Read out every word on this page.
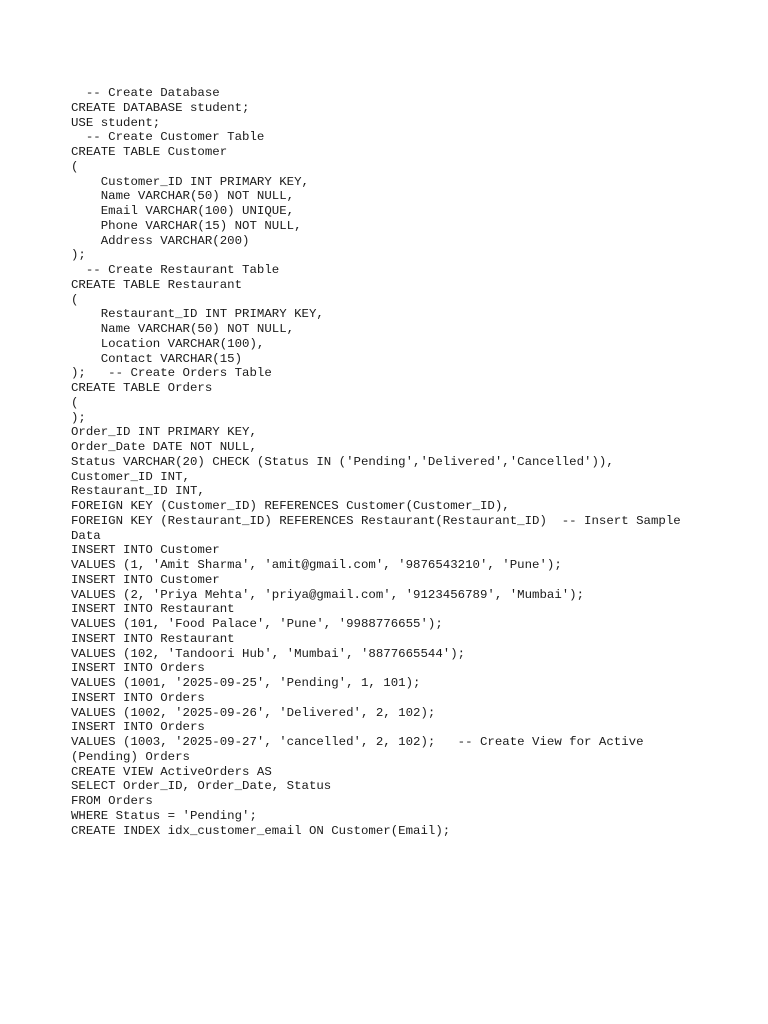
-- Create Database
CREATE DATABASE student;
USE student;
-- Create Customer Table
CREATE TABLE Customer
(
Customer_ID INT PRIMARY KEY,
Name VARCHAR(50) NOT NULL,
Email VARCHAR(100) UNIQUE,
Phone VARCHAR(15) NOT NULL,
Address VARCHAR(200)
);
-- Create Restaurant Table
CREATE TABLE Restaurant
(
Restaurant_ID INT PRIMARY KEY,
Name VARCHAR(50) NOT NULL,
Location VARCHAR(100),
Contact VARCHAR(15)
);   -- Create Orders Table
CREATE TABLE Orders
(
);
Order_ID INT PRIMARY KEY,
Order_Date DATE NOT NULL,
Status VARCHAR(20) CHECK (Status IN ('Pending','Delivered','Cancelled')),
Customer_ID INT,
Restaurant_ID INT,
FOREIGN KEY (Customer_ID) REFERENCES Customer(Customer_ID),
FOREIGN KEY (Restaurant_ID) REFERENCES Restaurant(Restaurant_ID)  -- Insert Sample
Data
INSERT INTO Customer
VALUES (1, 'Amit Sharma', 'amit@gmail.com', '9876543210', 'Pune');
INSERT INTO Customer
VALUES (2, 'Priya Mehta', 'priya@gmail.com', '9123456789', 'Mumbai');
INSERT INTO Restaurant
VALUES (101, 'Food Palace', 'Pune', '9988776655');
INSERT INTO Restaurant
VALUES (102, 'Tandoori Hub', 'Mumbai', '8877665544');
INSERT INTO Orders
VALUES (1001, '2025-09-25', 'Pending', 1, 101);
INSERT INTO Orders
VALUES (1002, '2025-09-26', 'Delivered', 2, 102);
INSERT INTO Orders
VALUES (1003, '2025-09-27', 'cancelled', 2, 102);   -- Create View for Active
(Pending) Orders
CREATE VIEW ActiveOrders AS
SELECT Order_ID, Order_Date, Status
FROM Orders
WHERE Status = 'Pending';
CREATE INDEX idx_customer_email ON Customer(Email);
